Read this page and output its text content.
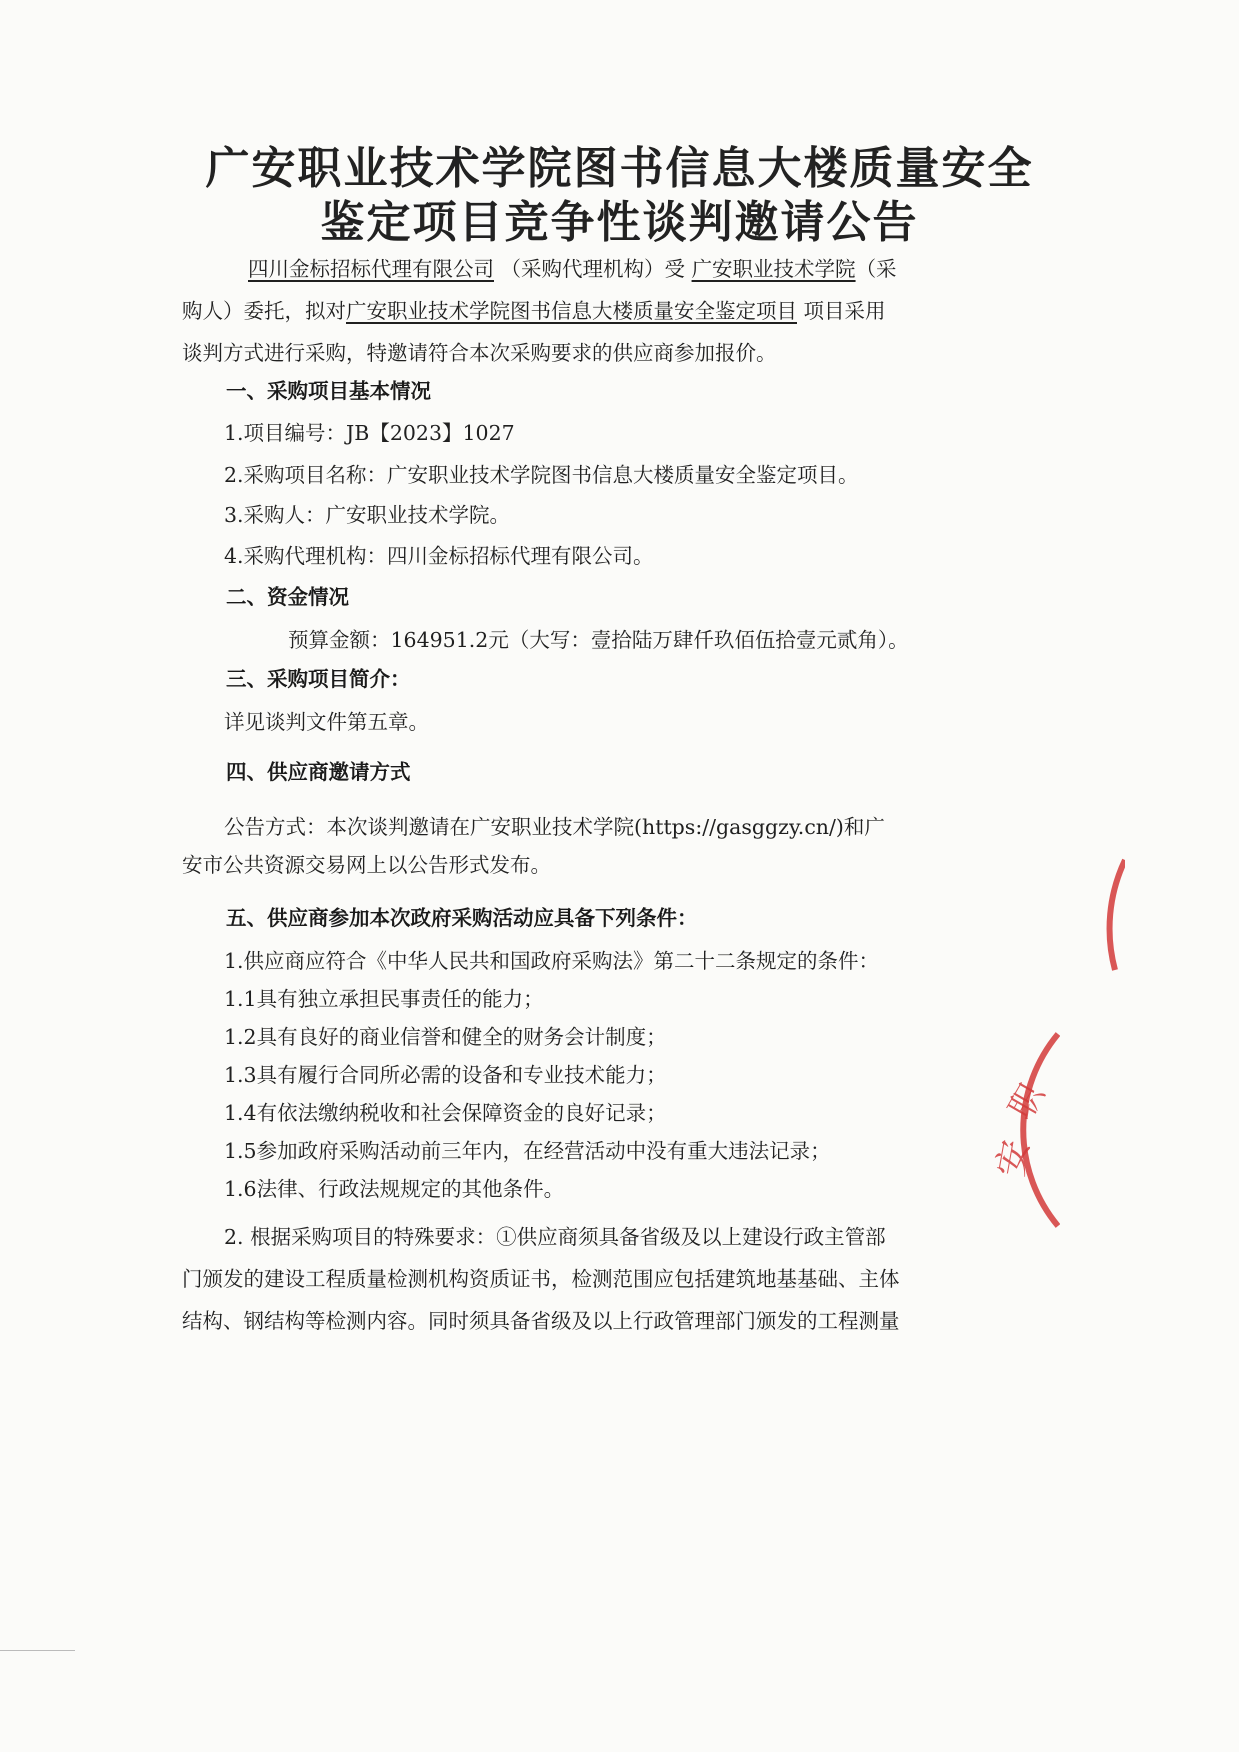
广安职业技术学院图书信息大楼质量安全
鉴定项目竞争性谈判邀请公告
四川金标招标代理有限公司 （采购代理机构）受 广安职业技术学院（采
购人）委托，拟对广安职业技术学院图书信息大楼质量安全鉴定项目 项目采用
谈判方式进行采购，特邀请符合本次采购要求的供应商参加报价。
一、采购项目基本情况
1.项目编号：JB【2023】1027
2.采购项目名称：广安职业技术学院图书信息大楼质量安全鉴定项目。
3.采购人：广安职业技术学院。
4.采购代理机构：四川金标招标代理有限公司。
二、资金情况
预算金额：164951.2元（大写：壹拾陆万肆仟玖佰伍拾壹元贰角）。
三、采购项目简介：
详见谈判文件第五章。
四、供应商邀请方式
公告方式：本次谈判邀请在广安职业技术学院(https://gasggzy.cn/)和广
安市公共资源交易网上以公告形式发布。
五、供应商参加本次政府采购活动应具备下列条件：
1.供应商应符合《中华人民共和国政府采购法》第二十二条规定的条件：
1.1具有独立承担民事责任的能力；
1.2具有良好的商业信誉和健全的财务会计制度；
1.3具有履行合同所必需的设备和专业技术能力；
1.4有依法缴纳税收和社会保障资金的良好记录；
1.5参加政府采购活动前三年内，在经营活动中没有重大违法记录；
1.6法律、行政法规规定的其他条件。
2. 根据采购项目的特殊要求：①供应商须具备省级及以上建设行政主管部
门颁发的建设工程质量检测机构资质证书，检测范围应包括建筑地基基础、主体
结构、钢结构等检测内容。同时须具备省级及以上行政管理部门颁发的工程测量
职
安
